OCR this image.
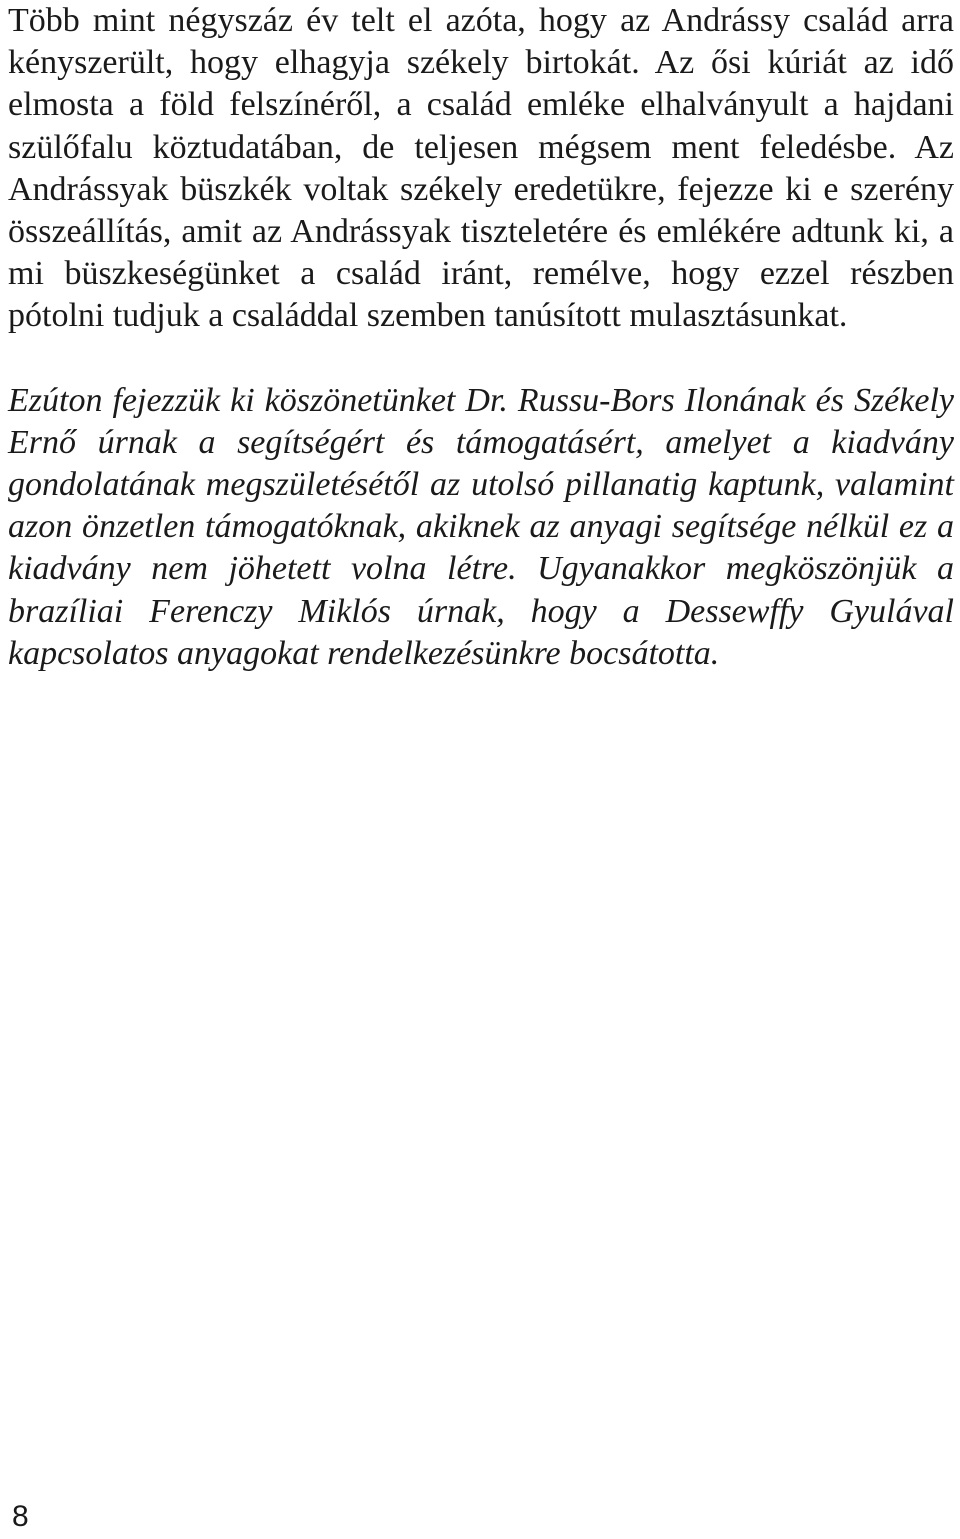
Több mint négyszáz év telt el azóta, hogy az Andrássy család arra kényszerült, hogy elhagyja székely birtokát. Az ősi kúriát az idő elmosta a föld felszínéről, a család emléke elhalványult a hajdani szülőfalu köztudatában, de teljesen mégsem ment feledésbe. Az Andrássyak büszkék voltak székely eredetükre, fejezze ki e szerény összeállítás, amit az Andrássyak tiszteletére és emlékére adtunk ki, a mi büszkeségünket a család iránt, remélve, hogy ezzel részben pótolni tudjuk a családdal szemben tanúsított mulasztásunkat.

Ezúton fejezzük ki köszönetünket Dr. Russu-Bors Ilonának és Székely Ernő úrnak a segítségért és támogatásért, amelyet a kiadvány gondolatának megszületésétől az utolsó pillanatig kaptunk, valamint azon önzetlen támogatóknak, akiknek az anyagi segítsége nélkül ez a kiadvány nem jöhetett volna létre. Ugyanakkor megköszönjük a brazíliai Ferenczy Miklós úrnak, hogy a Dessewffy Gyulával kapcsolatos anyagokat rendelkezésünkre bocsátotta.

8
